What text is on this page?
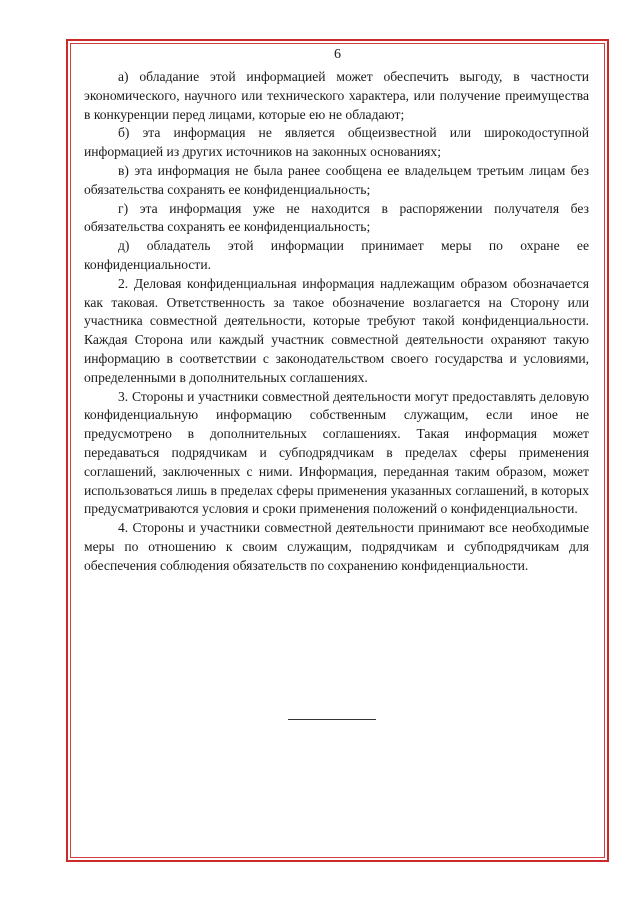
6

а) обладание этой информацией может обеспечить выгоду, в частности экономического, научного или технического характера, или получение преимущества в конкуренции перед лицами, которые ею не обладают;

б) эта информация не является общеизвестной или широкодоступной информацией из других источников на законных основаниях;

в) эта информация не была ранее сообщена ее владельцем третьим лицам без обязательства сохранять ее конфиденциальность;

г) эта информация уже не находится в распоряжении получателя без обязательства сохранять ее конфиденциальность;

д) обладатель этой информации принимает меры по охране ее конфиденциальности.

2. Деловая конфиденциальная информация надлежащим образом обозначается как таковая. Ответственность за такое обозначение возлагается на Сторону или участника совместной деятельности, которые требуют такой конфиденциальности. Каждая Сторона или каждый участник совместной деятельности охраняют такую информацию в соответствии с законодательством своего государства и условиями, определенными в дополнительных соглашениях.

3. Стороны и участники совместной деятельности могут предоставлять деловую конфиденциальную информацию собственным служащим, если иное не предусмотрено в дополнительных соглашениях. Такая информация может передаваться подрядчикам и субподрядчикам в пределах сферы применения соглашений, заключенных с ними. Информация, переданная таким образом, может использоваться лишь в пределах сферы применения указанных соглашений, в которых предусматриваются условия и сроки применения положений о конфиденциальности.

4. Стороны и участники совместной деятельности принимают все необходимые меры по отношению к своим служащим, подрядчикам и субподрядчикам для обеспечения соблюдения обязательств по сохранению конфиденциальности.
